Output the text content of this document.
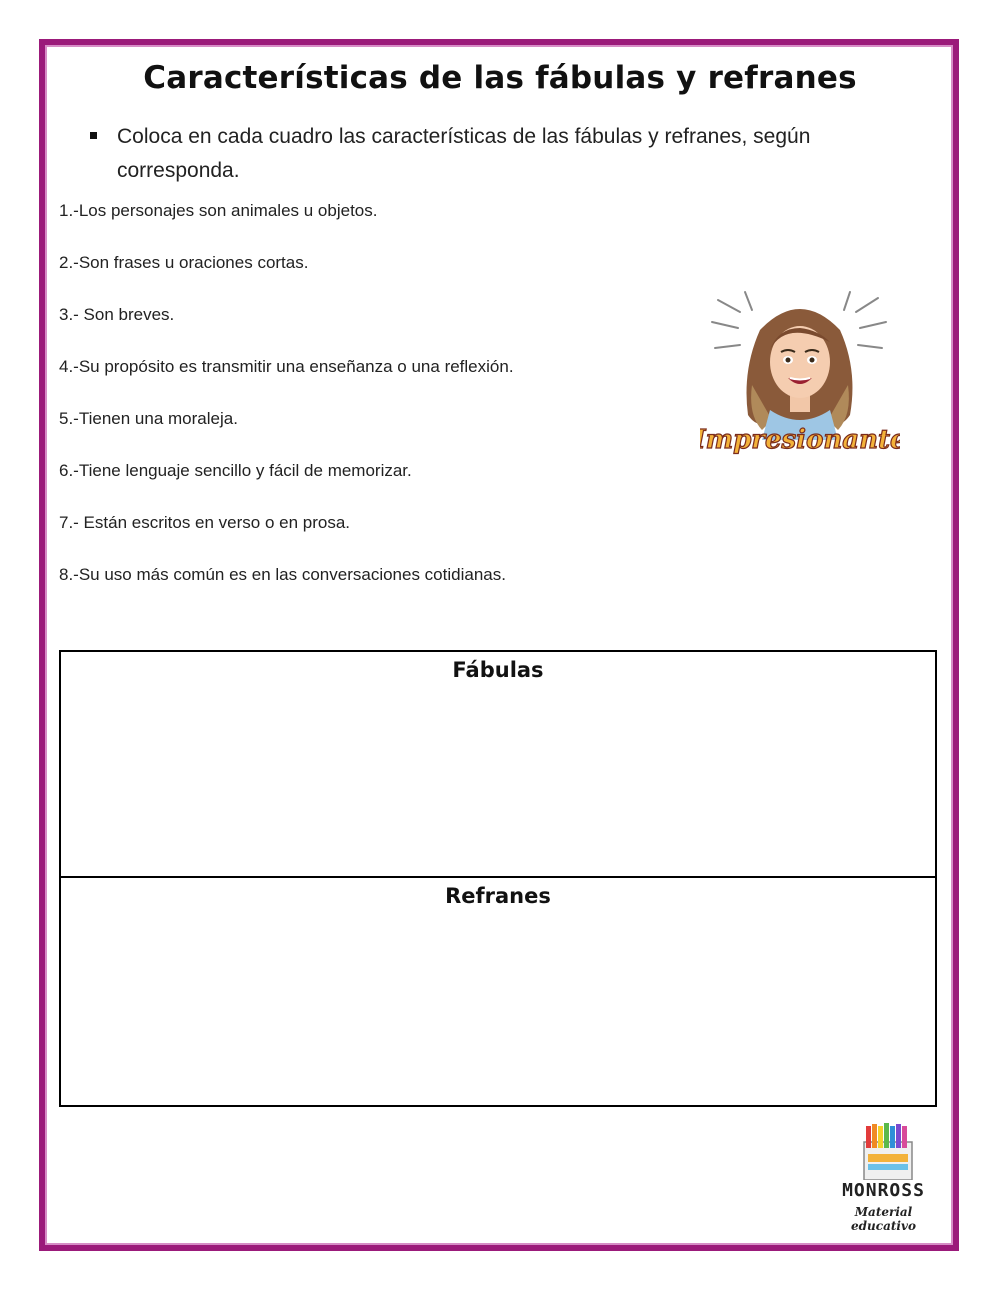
Características de las fábulas y refranes
Coloca en cada cuadro las características de las fábulas y refranes, según corresponda.
1.-Los personajes son animales u objetos.
2.-Son frases u oraciones cortas.
3.- Son breves.
4.-Su propósito es transmitir una enseñanza o una reflexión.
5.-Tienen una moraleja.
6.-Tiene lenguaje sencillo y fácil de memorizar.
7.- Están escritos en verso o en prosa.
8.-Su uso más común es en las conversaciones cotidianas.
Impresionante
Fábulas
Refranes
MONROSS
Material educativo
